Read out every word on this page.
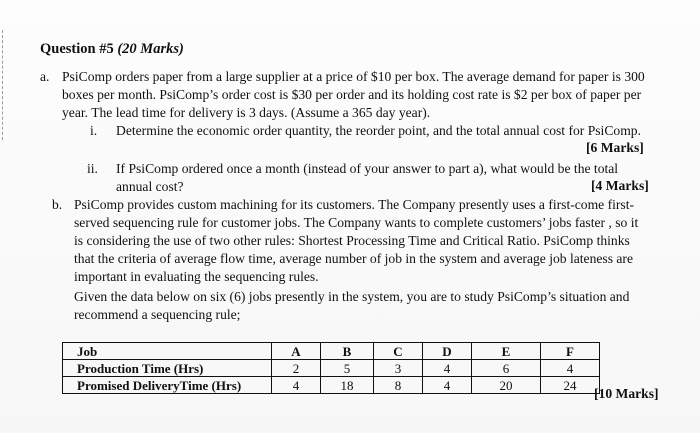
Question #5 (20 Marks)
a. PsiComp orders paper from a large supplier at a price of $10 per box. The average demand for paper is 300
boxes per month. PsiComp’s order cost is $30 per order and its holding cost rate is $2 per box of paper per
year. The lead time for delivery is 3 days. (Assume a 365 day year).
i. Determine the economic order quantity, the reorder point, and the total annual cost for PsiComp.
[6 Marks]
ii. If PsiComp ordered once a month (instead of your answer to part a), what would be the total
annual cost?	[4 Marks]
b. PsiComp provides custom machining for its customers. The Company presently uses a first-come first-
served sequencing rule for customer jobs. The Company wants to complete customers’ jobs faster , so it
is considering the use of two other rules: Shortest Processing Time and Critical Ratio. PsiComp thinks
that the criteria of average flow time, average number of job in the system and average job lateness are
important in evaluating the sequencing rules.
Given the data below on six (6) jobs presently in the system, you are to study PsiComp’s situation and
recommend a sequencing rule;
Job	A	B	C	D	E	F
Production Time (Hrs)	2	5	3	4	6	4
Promised DeliveryTime (Hrs)	4	18	8	4	20	24
[10 Marks]
